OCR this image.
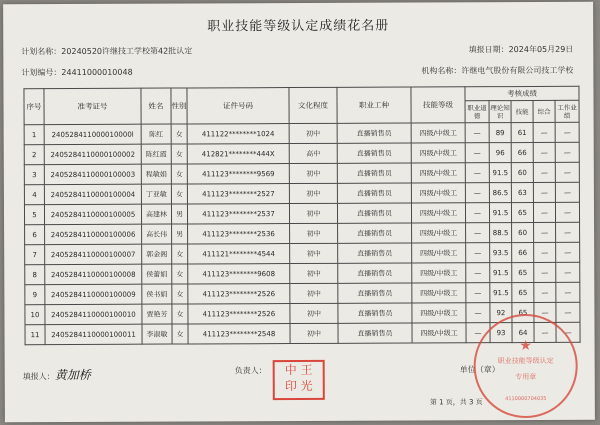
职业技能等级认定成绩花名册
计划名称：20240520许继技工学校第42批认定	填报日期：2024年05月29日
计划编号：24411000010048	机构名称：许继电气股份有限公司技工学校
序号	准考证号	姓名	性别	证件号码	文化程度	职业工种	技能等级	考核成绩				
								职业道德	理论知识	技能	综合	工作业绩
1	240528411000010000l	陈红	女	411122********1024	初中	直播销售员	四级/中级工	—	89	61	—	—
2	2405284110000100002	陈红霞	女	412821********444X	高中	直播销售员	四级/中级工	—	96	66	—	—
3	2405284110000100003	程敏娟	女	411123********9569	初中	直播销售员	四级/中级工	—	91.5	60	—	—
4	2405284110000100004	丁亚敏	女	411123********2527	初中	直播销售员	四级/中级工	—	86.5	63	—	—
5	2405284110000100005	高建林	男	411123********2537	初中	直播销售员	四级/中级工	—	91.5	65	—	—
6	2405284110000100006	高长伟	男	411123********2536	初中	直播销售员	四级/中级工	—	88.5	60	—	—
7	2405284110000100007	郭金阁	女	411121********4544	初中	直播销售员	四级/中级工	—	93.5	66	—	—
8	2405284110000100008	侯蕾娟	女	411123********9608	初中	直播销售员	四级/中级工	—	91.5	65	—	—
9	2405284110000100009	侯书娟	女	411123********2526	初中	直播销售员	四级/中级工	—	91.5	65	—	—
10	2405284110000100010	贾艳芳	女	411123********2526	初中	直播销售员	四级/中级工	—	92	65	—	—
11	2405284110000100011	李淑敏	女	411123********2548	初中	直播销售员	四级/中级工	—	93	64	—	—
填报人：黄加桥	负责人：	单位（章）
第 1 页，共 3 页
中 王
印 光
★
职业技能等级认定
专用章
4110000704035
